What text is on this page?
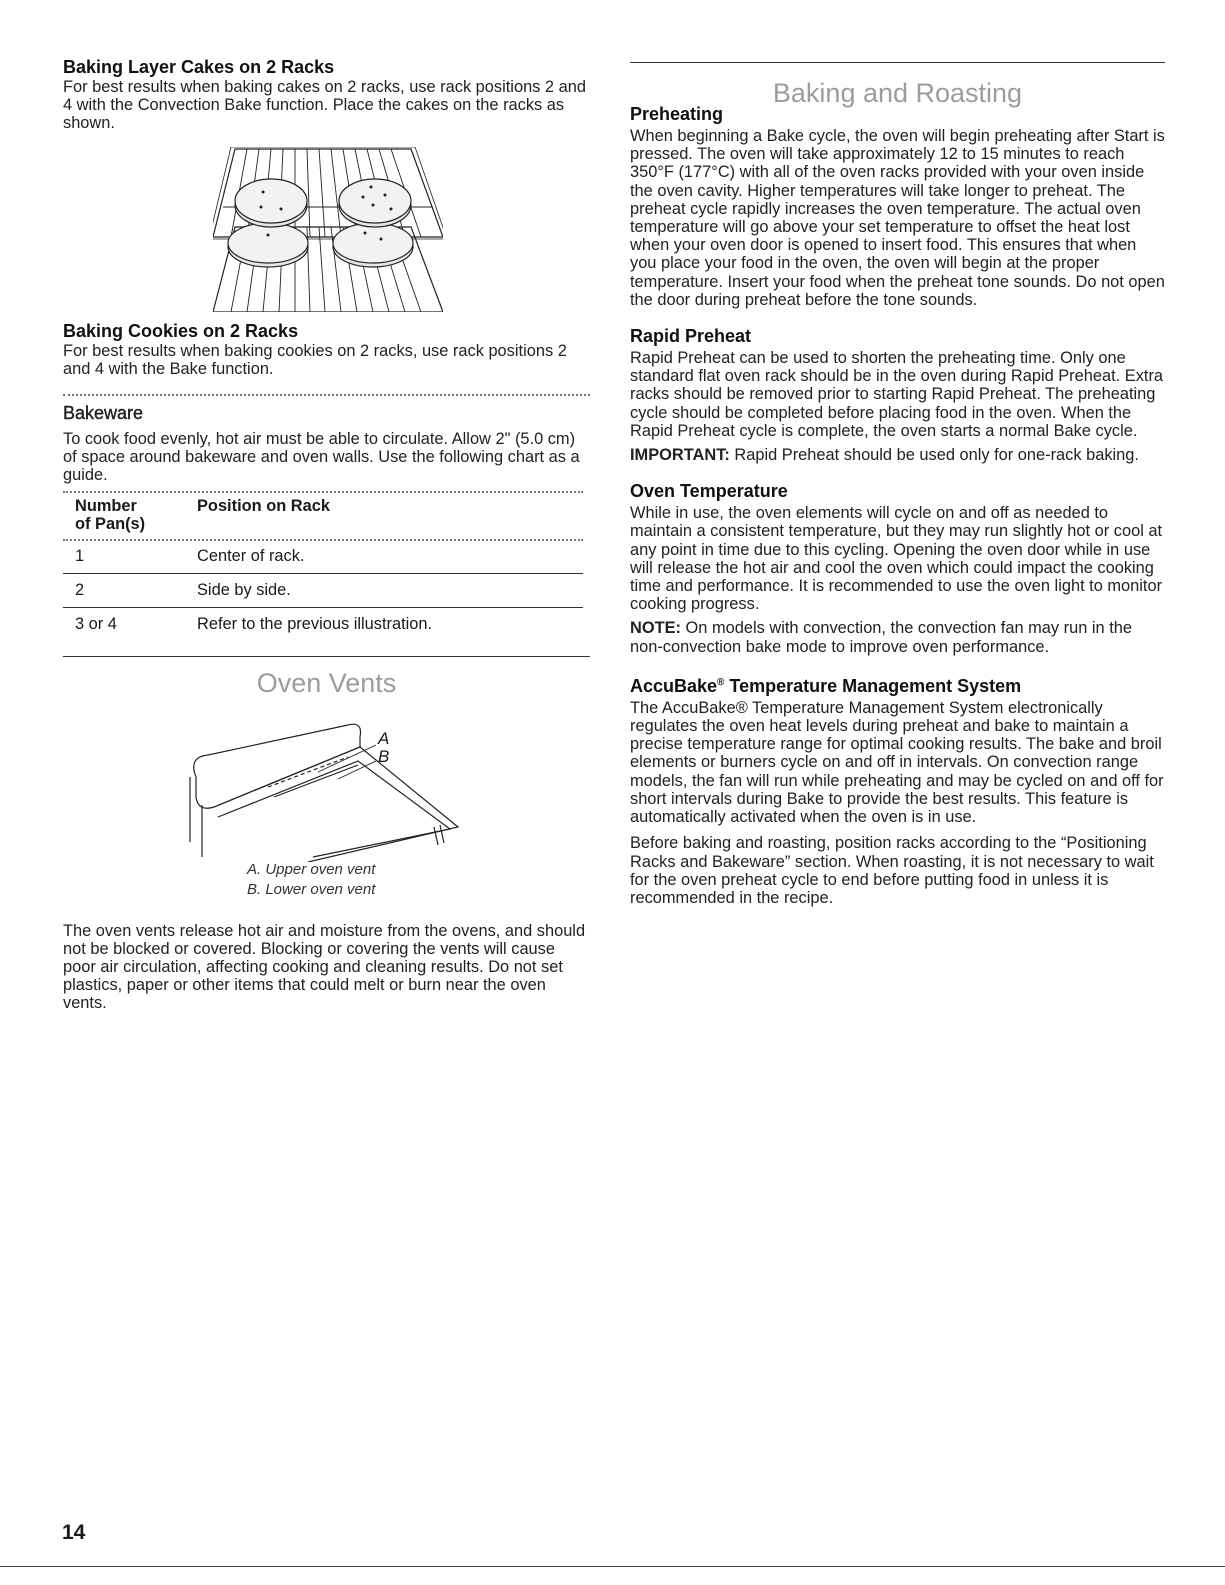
Baking Layer Cakes on 2 Racks

For best results when baking cakes on 2 racks, use rack positions 2 and 4 with the Convection Bake function. Place the cakes on the racks as shown.

Baking Cookies on 2 Racks

For best results when baking cookies on 2 racks, use rack positions 2 and 4 with the Bake function.

Bakeware

To cook food evenly, hot air must be able to circulate. Allow 2" (5.0 cm) of space around bakeware and oven walls. Use the following chart as a guide.

Number
of Pan(s)	Position on Rack
1	Center of rack.
2	Side by side.
3 or 4	Refer to the previous illustration.
Oven Vents
A
B
A. Upper oven vent
B. Lower oven vent

The oven vents release hot air and moisture from the ovens, and should not be blocked or covered. Blocking or covering the vents will cause poor air circulation, affecting cooking and cleaning results. Do not set plastics, paper or other items that could melt or burn near the oven vents.

Baking and Roasting
Preheating

When beginning a Bake cycle, the oven will begin preheating after Start is pressed. The oven will take approximately 12 to 15 minutes to reach 350°F (177°C) with all of the oven racks provided with your oven inside the oven cavity. Higher temperatures will take longer to preheat. The preheat cycle rapidly increases the oven temperature. The actual oven temperature will go above your set temperature to offset the heat lost when your oven door is opened to insert food. This ensures that when you place your food in the oven, the oven will begin at the proper temperature. Insert your food when the preheat tone sounds. Do not open the door during preheat before the tone sounds.

Rapid Preheat

Rapid Preheat can be used to shorten the preheating time. Only one standard flat oven rack should be in the oven during Rapid Preheat. Extra racks should be removed prior to starting Rapid Preheat. The preheating cycle should be completed before placing food in the oven. When the Rapid Preheat cycle is complete, the oven starts a normal Bake cycle.

IMPORTANT: Rapid Preheat should be used only for one-rack baking.

Oven Temperature

While in use, the oven elements will cycle on and off as needed to maintain a consistent temperature, but they may run slightly hot or cool at any point in time due to this cycling. Opening the oven door while in use will release the hot air and cool the oven which could impact the cooking time and performance. It is recommended to use the oven light to monitor cooking progress.

NOTE: On models with convection, the convection fan may run in the non-convection bake mode to improve oven performance.

AccuBake® Temperature Management System

The AccuBake® Temperature Management System electronically regulates the oven heat levels during preheat and bake to maintain a precise temperature range for optimal cooking results. The bake and broil elements or burners cycle on and off in intervals. On convection range models, the fan will run while preheating and may be cycled on and off for short intervals during Bake to provide the best results. This feature is automatically activated when the oven is in use.

Before baking and roasting, position racks according to the “Positioning Racks and Bakeware” section. When roasting, it is not necessary to wait for the oven preheat cycle to end before putting food in unless it is recommended in the recipe.

14
